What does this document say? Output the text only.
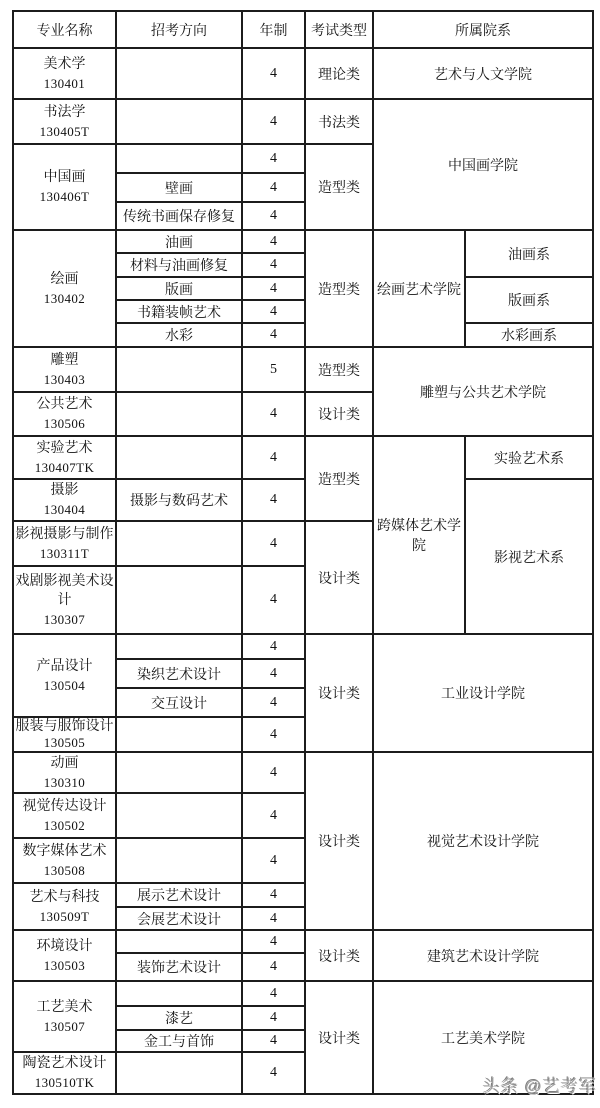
专业名称	招考方向	年制	考试类型	所属院系	

美术学
130401		4	理论类	艺术与人文学院	

书法学
130405T		4	书法类	中国画学院	

中国画
130406T		4	造型类		
	壁画	4			
	传统书画保存修复	4			

绘画
130402	油画	4	造型类	绘画艺术学院	油画系
	材料与油画修复	4			
	版画	4			版画系
	书籍装帧艺术	4			
	水彩	4			水彩画系

雕塑
130403		5	造型类	雕塑与公共艺术学院	

公共艺术
130506		4	设计类		

实验艺术
130407TK		4	造型类	跨媒体艺术学院	实验艺术系

摄影
130404	摄影与数码艺术	4			影视艺术系

影视摄影与制作
130311T		4	设计类		

戏剧影视美术设计
130307		4			

产品设计
130504		4	设计类	工业设计学院	
	染织艺术设计	4			
	交互设计	4			

服装与服饰设计
130505		4			

动画
130310		4	设计类	视觉艺术设计学院	

视觉传达设计
130502		4			

数字媒体艺术
130508		4			

艺术与科技
130509T	展示艺术设计	4			
	会展艺术设计	4			

环境设计
130503		4	设计类	建筑艺术设计学院	
	装饰艺术设计	4			

工艺美术
130507		4	设计类	工艺美术学院	
	漆艺	4			
	金工与首饰	4			

陶瓷艺术设计
130510TK		4			
头条 @艺考军
